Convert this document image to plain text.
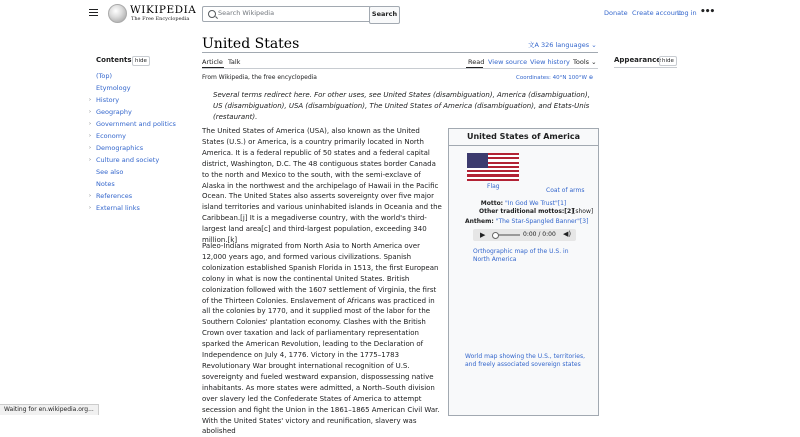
WIKIPEDIA
The Free Encyclopedia
Search Wikipedia	Search	Donate Create account
Log in •••
Contents hide
(Top)
Etymology
› History
› Geography
› Government and politics
› Economy
› Demographics
› Culture and society
See also
Notes
› References
› External links
United States	文A 326 languages ⌄
Article Talk	Read View source View history Tools ⌄
From Wikipedia, the free encyclopedia	Coordinates: 40°N 100°W ⊕
Several terms redirect here. For other uses, see United States (disambiguation), America (disambiguation), US (disambiguation), USA (disambiguation), The United States of America (disambiguation), and Etats-Unis (restaurant).
The United States of America (USA), also known as the United States (U.S.) or America, is a country primarily located in North America. It is a federal republic of 50 states and a federal capital district, Washington, D.C. The 48 contiguous states border Canada to the north and Mexico to the south, with the semi-exclave of Alaska in the northwest and the archipelago of Hawaii in the Pacific Ocean. The United States also asserts sovereignty over five major island territories and various uninhabited islands in Oceania and the Caribbean.[j] It is a megadiverse country, with the world's third-largest land area[c] and third-largest population, exceeding 340 million.[k]
Paleo-Indians migrated from North Asia to North America over 12,000 years ago, and formed various civilizations. Spanish colonization established Spanish Florida in 1513, the first European colony in what is now the continental United States. British colonization followed with the 1607 settlement of Virginia, the first of the Thirteen Colonies. Enslavement of Africans was practiced in all the colonies by 1770, and it supplied most of the labor for the Southern Colonies' plantation economy. Clashes with the British Crown over taxation and lack of parliamentary representation sparked the American Revolution, leading to the Declaration of Independence on July 4, 1776. Victory in the 1775–1783 Revolutionary War brought international recognition of U.S. sovereignty and fueled westward expansion, dispossessing native inhabitants. As more states were admitted, a North–South division over slavery led the Confederate States of America to attempt secession and fight the Union in the 1861–1865 American Civil War. With the United States' victory and reunification, slavery was abolished
United States of America
Flag
Coat of arms
Motto: "In God We Trust"[1]
Other traditional mottos:[2] [show]
Anthem: "The Star-Spangled Banner"[3]
▶	0:00 / 0:00 ◀)
Orthographic map of the U.S. in North America
World map showing the U.S., territories, and freely associated sovereign states
Appearance hide
Waiting for en.wikipedia.org...
